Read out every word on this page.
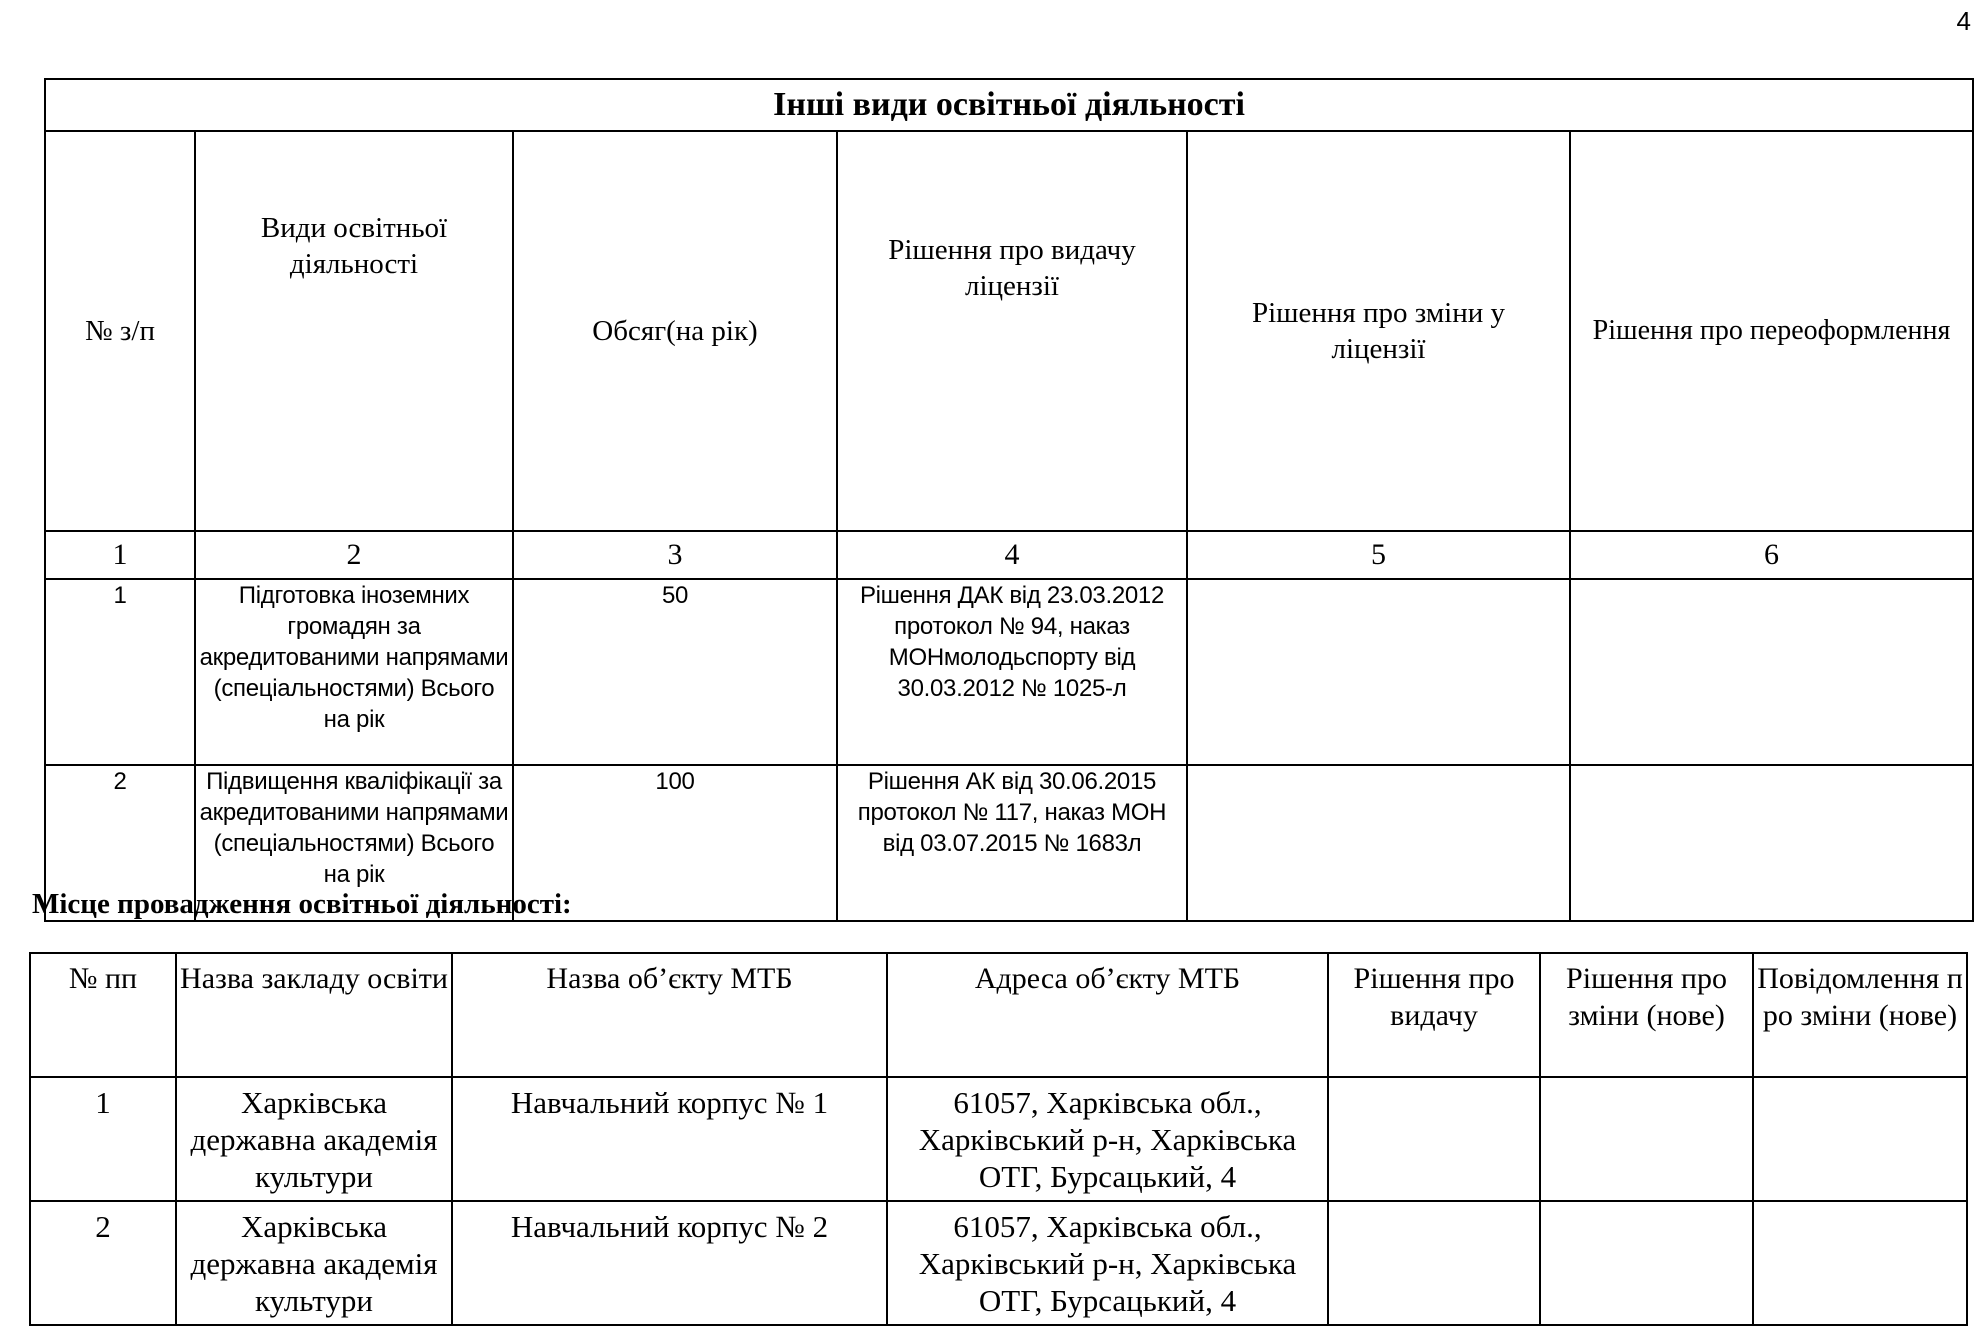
4
Інші види освітньої діяльності					
№ з/п	Види освітньої діяльності	Обсяг(на рік)	Рішення про видачу ліцензії	Рішення про зміни у ліцензії	Рішення про переоформлення
1	2	3	4	5	6
1	Підготовка іноземних громадян за акредитованими напрямами (спеціальностями) Всього на рік	50	Рішення ДАК від 23.03.2012 протокол № 94, наказ МОНмолодьспорту від 30.03.2012 № 1025-л		
2	Підвищення кваліфікації за акредитованими напрямами (спеціальностями) Всього на рік	100	Рішення АК від 30.06.2015 протокол № 117, наказ МОН від 03.07.2015 № 1683л		
Місце провадження освітньої діяльності:
№ пп	Назва закладу освіти	Назва об’єкту МТБ	Адреса об’єкту МТБ	Рішення про видачу	Рішення про зміни (нове)	Повідомлення про зміни (нове)
1	Харківська державна академія культури	Навчальний корпус № 1	61057, Харківська обл., Харківський р-н, Харківська ОТГ, Бурсацький, 4			
2	Харківська державна академія культури	Навчальний корпус № 2	61057, Харківська обл., Харківський р-н, Харківська ОТГ, Бурсацький, 4			
